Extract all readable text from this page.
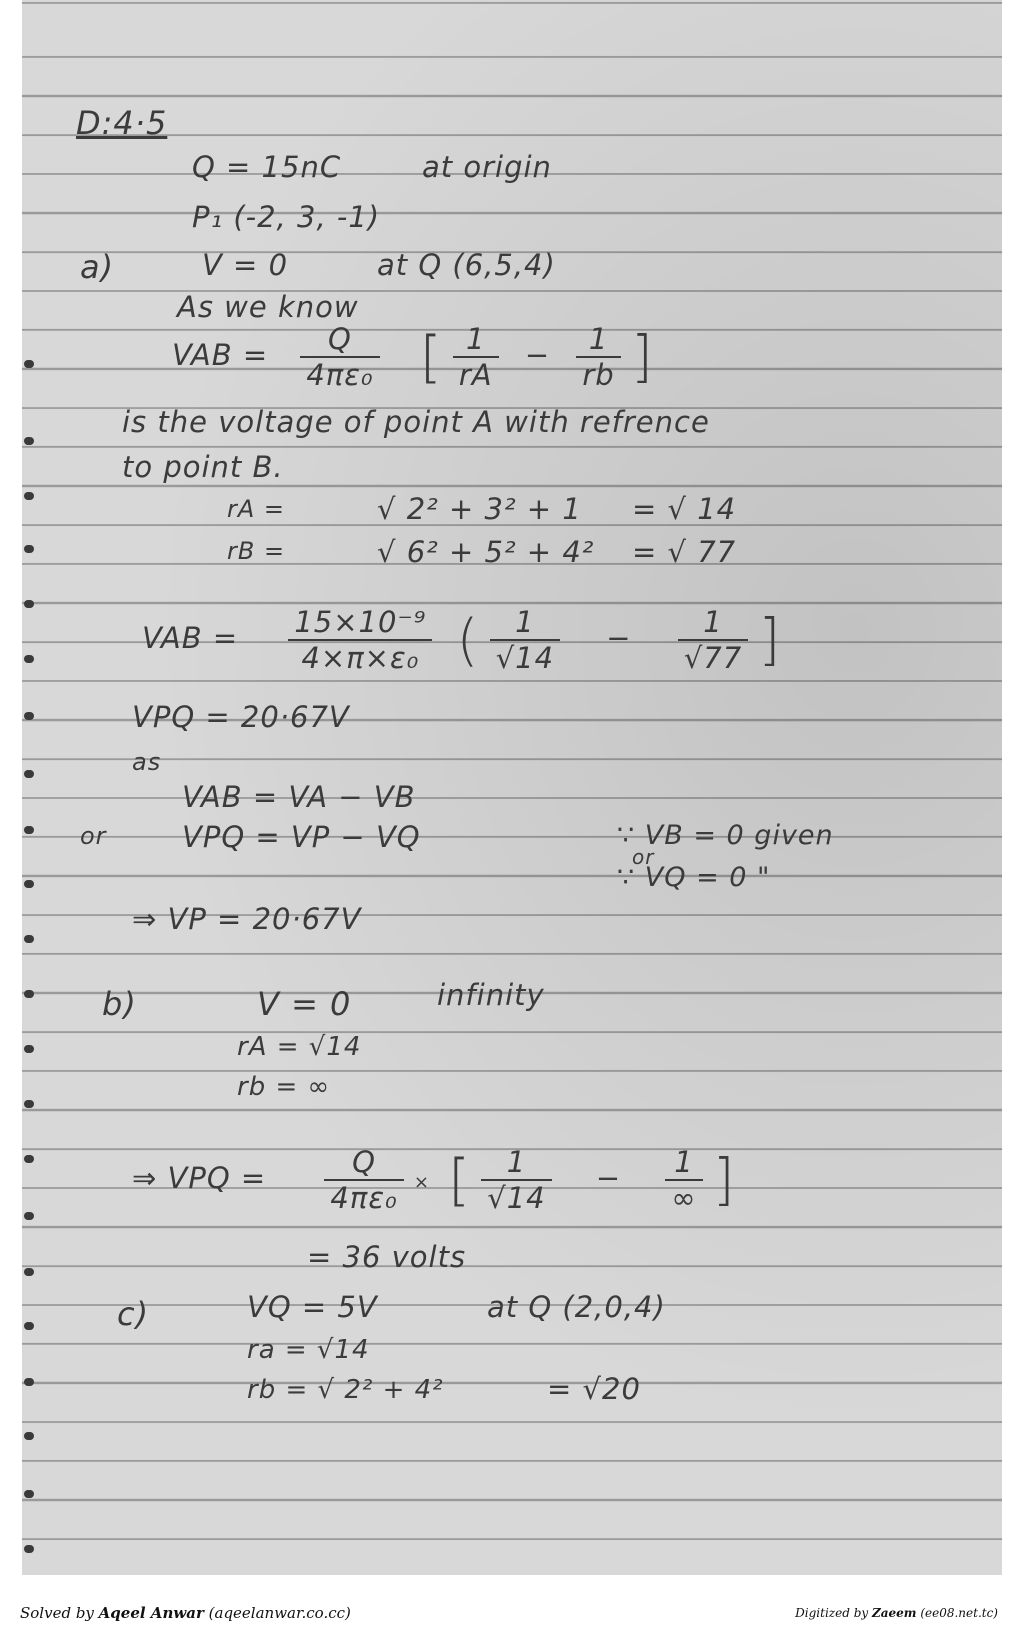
D:4·5
Q = 15nC	at origin
P₁ (-2, 3, -1)
a)	V = 0	at Q (6,5,4)
As we know
VAB = $\frac{Q}{\text{4πε₀}}$ [ $\frac{1}{rA} - \frac{1}{rb}$ ]
is the voltage of point A with refrence
to point B.
rA =	√ 2² + 3² + 1 = √ 14
rB =	√ 6² + 5² + 4² = √ 77
VAB = $\frac{\text{15×10⁻⁹}}{\text{4×π×ε₀}}$ ( $\frac{1}{√14} - \frac{1}{√77}$ ]
VPQ = 20·67V
as
VAB = VA − VB
or	VPQ = VP − VQ	∵ VB = 0 given
or
∵ VQ = 0 "
⇒ VP = 20·67V
b)	V = 0	infinity
rA = √14
rb = ∞
⇒ VPQ = $\frac{Q}{\text{4πε₀}}$ × [ $\frac{1}{√14} - \frac{1}{\infty}$ ]
= 36 volts
c)	VQ = 5V	at Q (2,0,4)
ra = √14
rb = √ 2² + 4²	= √20
Solved by Aqeel Anwar (aqeelanwar.co.cc)	Digitized by Zaeem (ee08.net.tc)
